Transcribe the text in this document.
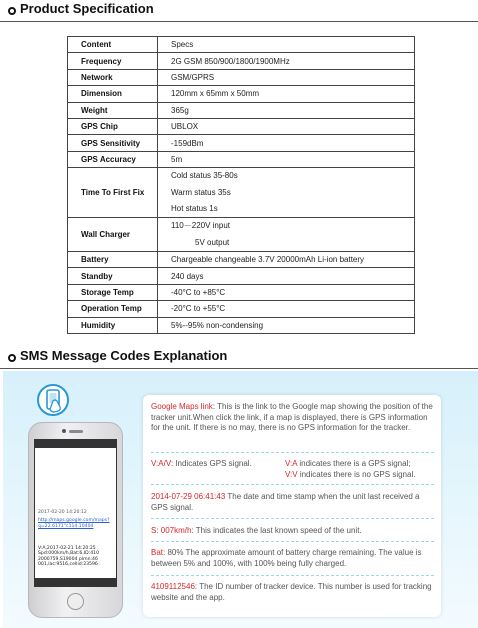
Product Specification
Content	Specs
Frequency	2G GSM 850/900/1800/1900MHz
Network	GSM/GPRS
Dimension	120mm x 65mm x 50mm
Weight	365g
GPS Chip	UBLOX
GPS Sensitivity	-159dBm
GPS Accuracy	5m
Time To First Fix	Cold status 35-80s
Warm status 35s
Hot status 1s

Wall Charger	110－220V input
5V output

Battery	Chargeable changeable 3.7V 20000mAh Li-ion battery
Standby	240 days
Storage Temp	-40°C to +85°C
Operation Temp	-20°C to +55°C
Humidity	5%--95% non-condensing
SMS Message Codes Explanation
2017-02-20 14:20:12
http://maps.google.com/maps?q=22.6171°c114.10404
V:A,2017-02-21 14:20:25 Spd:000km/h,Bat:6,ID:410 2000759,S19004 plmn:46 001,lac:9516,cellid:23596
Google Maps link: This is the link to the Google map showing the position of the tracker unit.When click the link, if a map is displayed, there is GPS information for the unit. If there is no may, there is no GPS information for the tracker.
V:A/V: Indicates GPS signal.	V:A indicates there is a GPS signal;
V:V indicates there is no GPS signal.
2014-07-29 06:41:43 The date and time stamp when the unit last received a GPS signal.
S: 007km/h: This indicates the last known speed of the unit.
Bat: 80% The approximate amount of battery charge remaining. The value is between 5% and 100%, with 100% being fully charged.
4109112546: The ID number of tracker device. This number is used for tracking website and the app.
